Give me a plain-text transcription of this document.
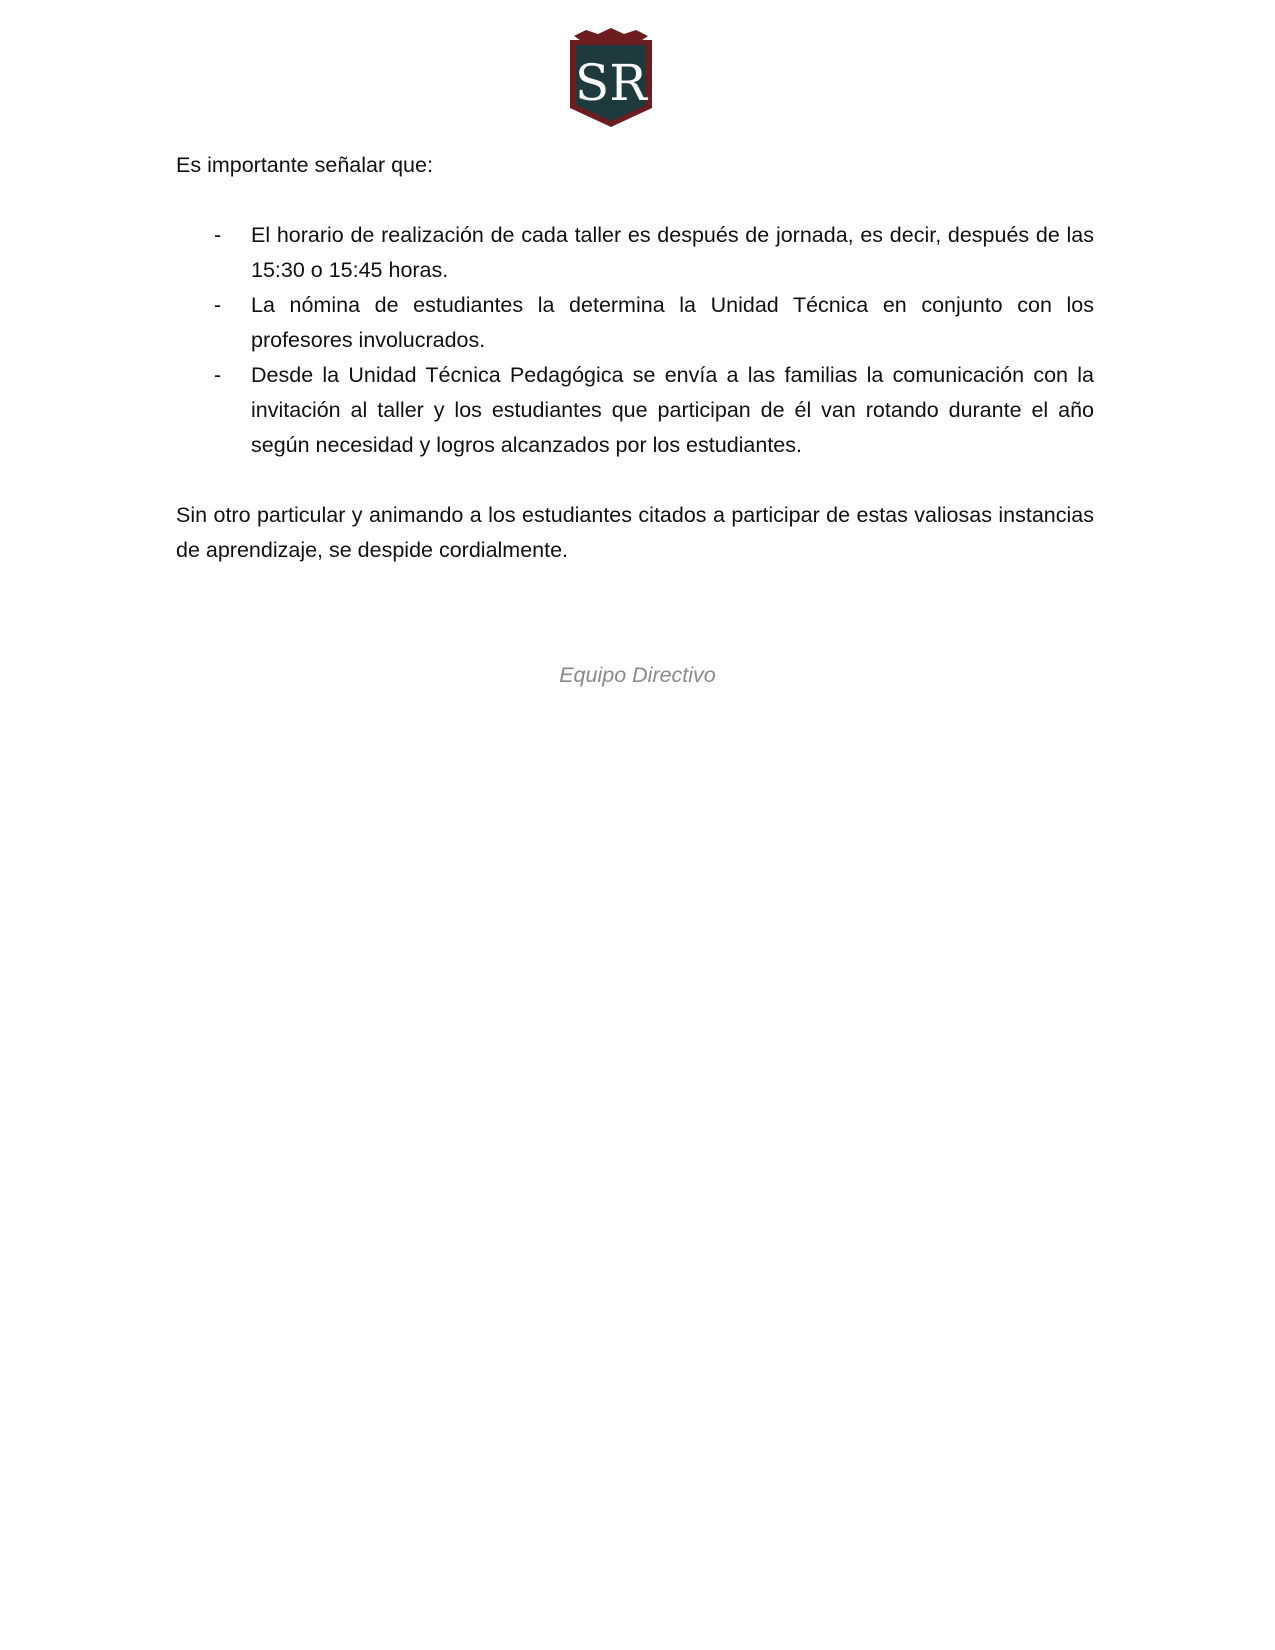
SR

Es importante señalar que:

- El horario de realización de cada taller es después de jornada, es decir, después de las 15:30 o 15:45 horas.
- La nómina de estudiantes la determina la Unidad Técnica en conjunto con los profesores involucrados.
- Desde la Unidad Técnica Pedagógica se envía a las familias la comunicación con la invitación al taller y los estudiantes que participan de él van rotando durante el año según necesidad y logros alcanzados por los estudiantes.

Sin otro particular y animando a los estudiantes citados a participar de estas valiosas instancias de aprendizaje, se despide cordialmente.

Equipo Directivo
